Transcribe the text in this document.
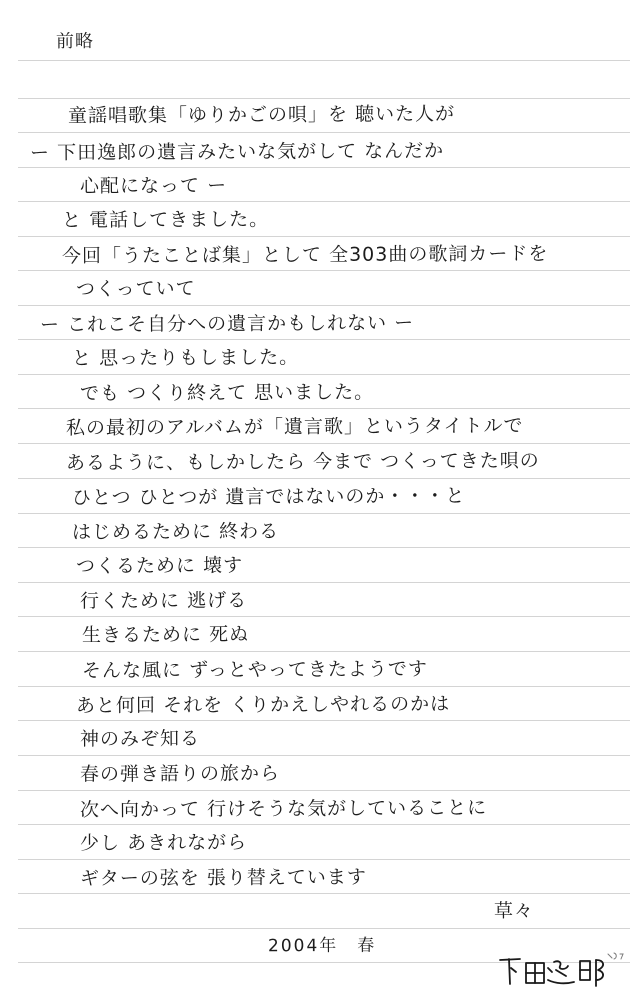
前略
童謡唱歌集「ゆりかごの唄」を 聴いた人が
ー 下田逸郎の遺言みたいな気がして なんだか
心配になって ー
と 電話してきました。
今回「うたことば集」として 全303曲の歌詞カードを
つくっていて
ー これこそ自分への遺言かもしれない ー
と 思ったりもしました。
でも つくり終えて 思いました。
私の最初のアルバムが「遺言歌」というタイトルで
あるように、もしかしたら 今まで つくってきた唄の
ひとつ ひとつが 遺言ではないのか・・・と
はじめるために 終わる
つくるために 壊す
行くために 逃げる
生きるために 死ぬ
そんな風に ずっとやってきたようです
あと何回 それを くりかえしやれるのかは
神のみぞ知る
春の弾き語りの旅から
次へ向かって 行けそうな気がしていることに
少し あきれながら
ギターの弦を 張り替えています
草々
2004年　春
